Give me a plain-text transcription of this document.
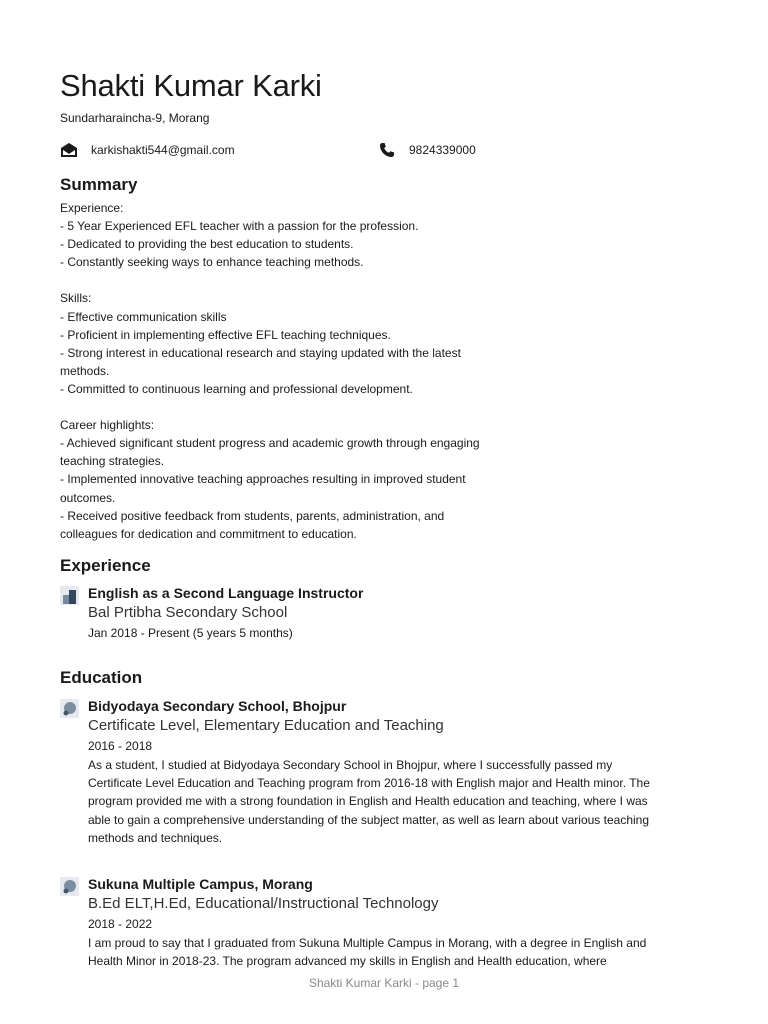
Shakti Kumar Karki
Sundarharaincha-9, Morang
karkishakti544@gmail.com	9824339000
Summary
Experience:
- 5 Year Experienced EFL teacher with a passion for the profession.
- Dedicated to providing the best education to students.
- Constantly seeking ways to enhance teaching methods.

Skills:
- Effective communication skills
- Proficient in implementing effective EFL teaching techniques.
- Strong interest in educational research and staying updated with the latest methods.
- Committed to continuous learning and professional development.

Career highlights:
- Achieved significant student progress and academic growth through engaging teaching strategies.
- Implemented innovative teaching approaches resulting in improved student outcomes.
- Received positive feedback from students, parents, administration, and colleagues for dedication and commitment to education.
Experience
English as a Second Language Instructor
Bal Prtibha Secondary School
Jan 2018 - Present (5 years 5 months)
Education
Bidyodaya Secondary School, Bhojpur
Certificate Level, Elementary Education and Teaching
2016 - 2018
As a student, I studied at Bidyodaya Secondary School in Bhojpur, where I successfully passed my Certificate Level Education and Teaching program from 2016-18 with English major and Health minor. The program provided me with a strong foundation in English and Health education and teaching, where I was able to gain a comprehensive understanding of the subject matter, as well as learn about various teaching methods and techniques.
Sukuna Multiple Campus, Morang
B.Ed ELT,H.Ed, Educational/Instructional Technology
2018 - 2022
I am proud to say that I graduated from Sukuna Multiple Campus in Morang, with a degree in English and Health Minor in 2018-23. The program advanced my skills in English and Health education, where
Shakti Kumar Karki - page 1
